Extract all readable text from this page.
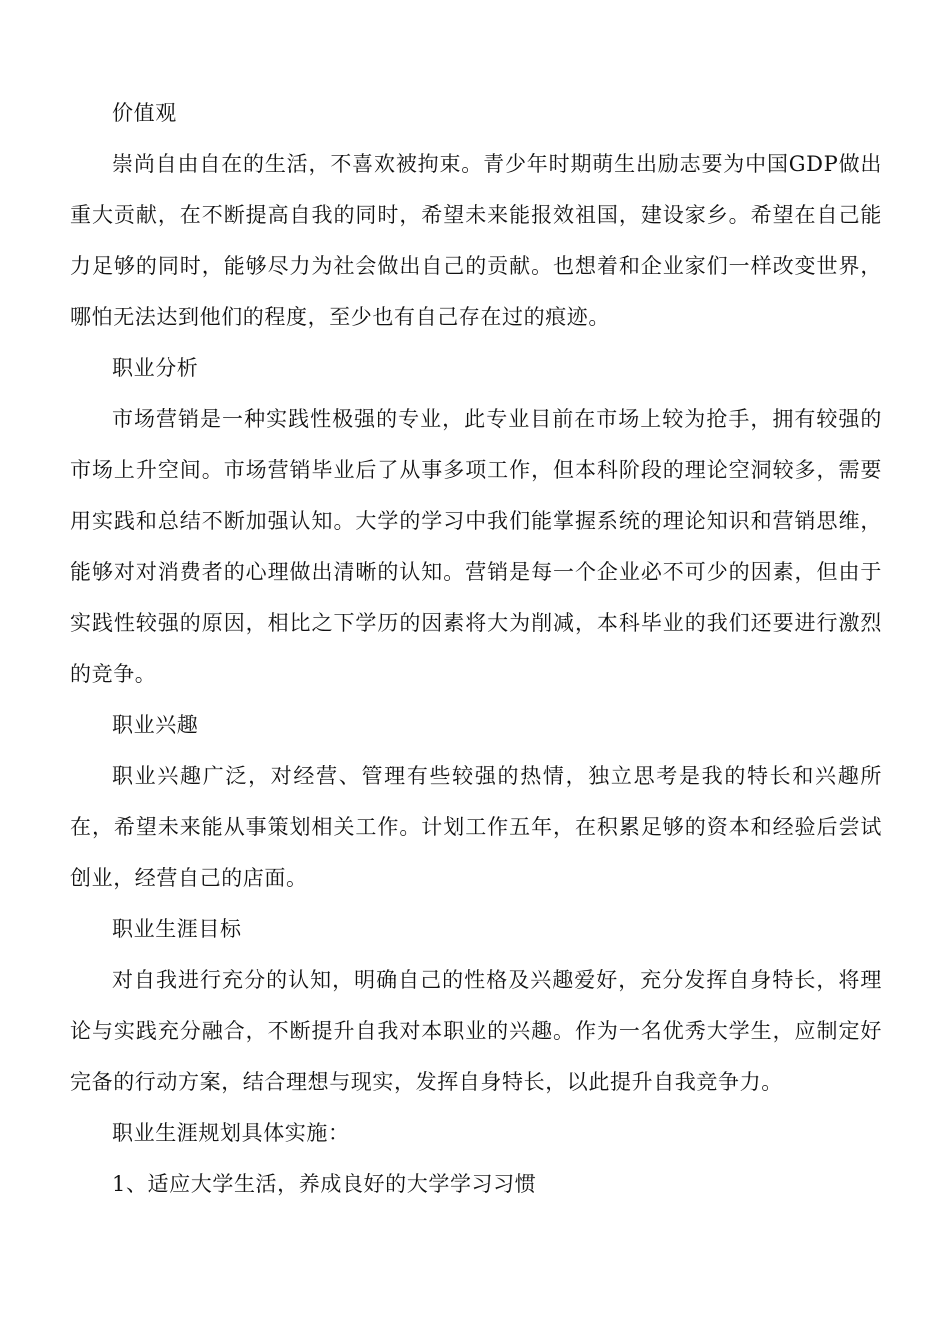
价值观

崇尚自由自在的生活，不喜欢被拘束。青少年时期萌生出励志要为中国GDP做出重大贡献，在不断提高自我的同时，希望未来能报效祖国，建设家乡。希望在自己能力足够的同时，能够尽力为社会做出自己的贡献。也想着和企业家们一样改变世界，哪怕无法达到他们的程度，至少也有自己存在过的痕迹。

职业分析

市场营销是一种实践性极强的专业，此专业目前在市场上较为抢手，拥有较强的市场上升空间。市场营销毕业后了从事多项工作，但本科阶段的理论空洞较多，需要用实践和总结不断加强认知。大学的学习中我们能掌握系统的理论知识和营销思维，能够对对消费者的心理做出清晰的认知。营销是每一个企业必不可少的因素，但由于实践性较强的原因，相比之下学历的因素将大为削减，本科毕业的我们还要进行激烈的竞争。

职业兴趣

职业兴趣广泛，对经营、管理有些较强的热情，独立思考是我的特长和兴趣所在，希望未来能从事策划相关工作。计划工作五年，在积累足够的资本和经验后尝试创业，经营自己的店面。

职业生涯目标

对自我进行充分的认知，明确自己的性格及兴趣爱好，充分发挥自身特长，将理论与实践充分融合，不断提升自我对本职业的兴趣。作为一名优秀大学生，应制定好完备的行动方案，结合理想与现实，发挥自身特长，以此提升自我竞争力。

职业生涯规划具体实施：

1、适应大学生活，养成良好的大学学习习惯
